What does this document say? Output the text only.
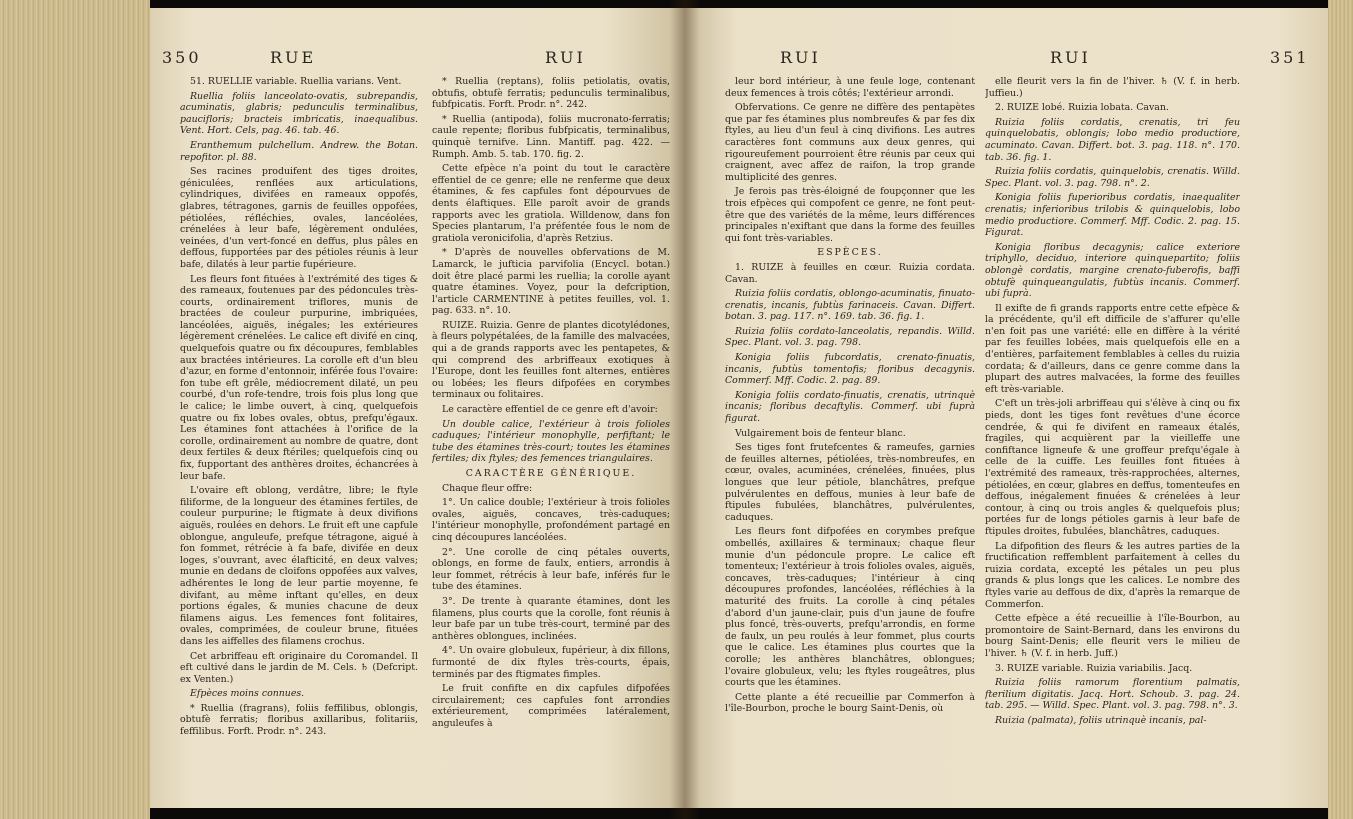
350	RUE	RUI

51. RUELLIE variable. Ruellia varians. Vent.

Ruellia foliis lanceolato-ovatis, subrepandis, acuminatis, glabris; pedunculis terminalibus, paucifloris; bracteis imbricatis, inaequalibus. Vent. Hort. Cels, pag. 46. tab. 46.

Eranthemum pulchellum. Andrew. the Botan. repofitor. pl. 88.

Ses racines produifent des tiges droites, géniculées, renflées aux articulations, cylindriques, divifées en rameaux oppofés, glabres, tétragones, garnis de feuilles oppofées, pétiolées, réfléchies, ovales, lancéolées, crénelées à leur bafe, légèrement ondulées, veinées, d'un vert-foncé en deffus, plus pâles en deffous, fupportées par des pétioles réunis à leur bafe, dilatés à leur partie fupérieure.

Les fleurs font fituées à l'extrémité des tiges & des rameaux, foutenues par des pédoncules très-courts, ordinairement triflores, munis de bractées de couleur purpurine, imbriquées, lancéolées, aiguës, inégales; les extérieures légèrement crénelées. Le calice eft divifé en cinq, quelquefois quatre ou fix découpures, femblables aux bractées intérieures. La corolle eft d'un bleu d'azur, en forme d'entonnoir, inférée fous l'ovaire: fon tube eft grêle, médiocrement dilaté, un peu courbé, d'un rofe-tendre, trois fois plus long que le calice; le limbe ouvert, à cinq, quelquefois quatre ou fix lobes ovales, obtus, prefqu'égaux. Les étamines font attachées à l'orifice de la corolle, ordinairement au nombre de quatre, dont deux fertiles & deux ftériles; quelquefois cinq ou fix, fupportant des anthères droites, échancrées à leur bafe.

L'ovaire eft oblong, verdâtre, libre; le ftyle filiforme, de la longueur des étamines fertiles, de couleur purpurine; le ftigmate à deux divifions aiguës, roulées en dehors. Le fruit eft une capfule oblongue, anguleufe, prefque tétragone, aigué à fon fommet, rétrécie à fa bafe, divifée en deux loges, s'ouvrant, avec élafticité, en deux valves; munie en dedans de cloifons oppofées aux valves, adhérentes le long de leur partie moyenne, fe divifant, au même inftant qu'elles, en deux portions égales, & munies chacune de deux filamens aigus. Les femences font folitaires, ovales, comprimées, de couleur brune, fituées dans les aiffelles des filamens crochus.

Cet arbriffeau eft originaire du Coromandel. Il eft cultivé dans le jardin de M. Cels. ♄ (Defcript. ex Venten.)

Efpèces moins connues.

* Ruellia (fragrans), foliis feffilibus, oblongis, obtufè ferratis; floribus axillaribus, folitariis, feffilibus. Forft. Prodr. n°. 243.

* Ruellia (reptans), foliis petiolatis, ovatis, obtufis, obtufè ferratis; pedunculis terminalibus, fubfpicatis. Forft. Prodr. n°. 242.

* Ruellia (antipoda), foliis mucronato-ferratis; caule repente; floribus fubfpicatis, terminalibus, quinquè ternifve. Linn. Mantiff. pag. 422. — Rumph. Amb. 5. tab. 170. fig. 2.

Cette efpèce n'a point du tout le caractère effentiel de ce genre; elle ne renferme que deux étamines, & fes capfules font dépourvues de dents élaftiques. Elle paroît avoir de grands rapports avec les gratiola. Willdenow, dans fon Species plantarum, l'a préfentée fous le nom de gratiola veronicifolia, d'après Retzius.

* D'après de nouvelles obfervations de M. Lamarck, le jufticia parvifolia (Encycl. botan.) doit être placé parmi les ruellia; la corolle ayant quatre étamines. Voyez, pour la defcription, l'article CARMENTINE à petites feuilles, vol. 1. pag. 633. n°. 10.

RUIZE. Ruizia. Genre de plantes dicotylédones, à fleurs polypétalées, de la famille des malvacées, qui a de grands rapports avec les pentapetes, & qui comprend des arbriffeaux exotiques à l'Europe, dont les feuilles font alternes, entières ou lobées; les fleurs difpofées en corymbes terminaux ou folitaires.

Le caractère effentiel de ce genre eft d'avoir:

Un double calice, l'extérieur à trois folioles caduques; l'intérieur monophylle, perfiftant; le tube des étamines très-court; toutes les étamines fertiles; dix ftyles; des femences triangulaires.

CARACTÈRE GÉNÉRIQUE.

Chaque fleur offre:

1°. Un calice double; l'extérieur à trois folioles ovales, aiguës, concaves, très-caduques; l'intérieur monophylle, profondément partagé en cinq découpures lancéolées.

2°. Une corolle de cinq pétales ouverts, oblongs, en forme de faulx, entiers, arrondis à leur fommet, rétrécis à leur bafe, inférés fur le tube des étamines.

3°. De trente à quarante étamines, dont les filamens, plus courts que la corolle, font réunis à leur bafe par un tube très-court, terminé par des anthères oblongues, inclinées.

4°. Un ovaire globuleux, fupérieur, à dix fillons, furmonté de dix ftyles très-courts, épais, terminés par des ftigmates fimples.

Le fruit confifte en dix capfules difpofées circulairement; ces capfules font arrondies extérieurement, comprimées latéralement, anguleufes à

RUI	RUI	351

leur bord intérieur, à une feule loge, contenant deux femences à trois côtés; l'extérieur arrondi.

Obfervations. Ce genre ne diffère des pentapètes que par fes étamines plus nombreufes & par fes dix ftyles, au lieu d'un feul à cinq divifions. Les autres caractères font communs aux deux genres, qui rigoureufement pourroient être réunis par ceux qui craignent, avec affez de raifon, la trop grande multiplicité des genres.

Je ferois pas très-éloigné de foupçonner que les trois efpèces qui compofent ce genre, ne font peut-être que des variétés de la même, leurs différences principales n'exiftant que dans la forme des feuilles qui font très-variables.

ESPÈCES.

1. RUIZE à feuilles en cœur. Ruizia cordata. Cavan.

Ruizia foliis cordatis, oblongo-acuminatis, finuato-crenatis, incanis, fubtùs farinaceis. Cavan. Differt. botan. 3. pag. 117. n°. 169. tab. 36. fig. 1.

Ruizia foliis cordato-lanceolatis, repandis. Willd. Spec. Plant. vol. 3. pag. 798.

Konigia foliis fubcordatis, crenato-finuatis, incanis, fubtùs tomentofis; floribus decagynis. Commerf. Mff. Codic. 2. pag. 89.

Konigia foliis cordato-finuatis, crenatis, utrinquè incanis; floribus decaftylis. Commerf. ubi fuprà figurat.

Vulgairement bois de fenteur blanc.

Ses tiges font frutefcentes & rameufes, garnies de feuilles alternes, pétiolées, très-nombreufes, en cœur, ovales, acuminées, crénelées, finuées, plus longues que leur pétiole, blanchâtres, prefque pulvérulentes en deffous, munies à leur bafe de ftipules fubulées, blanchâtres, pulvérulentes, caduques.

Les fleurs font difpofées en corymbes prefque ombellés, axillaires & terminaux; chaque fleur munie d'un pédoncule propre. Le calice eft tomenteux; l'extérieur à trois folioles ovales, aiguës, concaves, très-caduques; l'intérieur à cinq découpures profondes, lancéolées, réfléchies à la maturité des fruits. La corolle à cinq pétales d'abord d'un jaune-clair, puis d'un jaune de foufre plus foncé, très-ouverts, prefqu'arrondis, en forme de faulx, un peu roulés à leur fommet, plus courts que le calice. Les étamines plus courtes que la corolle; les anthères blanchâtres, oblongues; l'ovaire globuleux, velu; les ftyles rougeâtres, plus courts que les étamines.

Cette plante a été recueillie par Commerfon à l'île-Bourbon, proche le bourg Saint-Denis, où

elle fleurit vers la fin de l'hiver. ♄ (V. f. in herb. Juffieu.)

2. RUIZE lobé. Ruizia lobata. Cavan.

Ruizia foliis cordatis, crenatis, tri feu quinquelobatis, oblongis; lobo medio productiore, acuminato. Cavan. Differt. bot. 3. pag. 118. n°. 170. tab. 36. fig. 1.

Ruizia foliis cordatis, quinquelobis, crenatis. Willd. Spec. Plant. vol. 3. pag. 798. n°. 2.

Konigia foliis fuperioribus cordatis, inaequaliter crenatis; inferioribus trilobis & quinquelobis, lobo medio productiore. Commerf. Mff. Codic. 2. pag. 15. Figurat.

Konigia floribus decagynis; calice exteriore triphyllo, deciduo, interiore quinquepartito; foliis oblongè cordatis, margine crenato-fuberofis, baffi obtufè quinqueangulatis, fubtùs incanis. Commerf. ubi fuprà.

Il exifte de fi grands rapports entre cette efpèce & la précédente, qu'il eft difficile de s'affurer qu'elle n'en foit pas une variété: elle en diffère à la vérité par fes feuilles lobées, mais quelquefois elle en a d'entières, parfaitement femblables à celles du ruizia cordata; & d'ailleurs, dans ce genre comme dans la plupart des autres malvacées, la forme des feuilles eft très-variable.

C'eft un très-joli arbriffeau qui s'élève à cinq ou fix pieds, dont les tiges font revêtues d'une écorce cendrée, & qui fe divifent en rameaux étalés, fragiles, qui acquièrent par la vieilleffe une confiftance ligneufe & une groffeur prefqu'égale à celle de la cuiffe. Les feuilles font fituées à l'extrémité des rameaux, très-rapprochées, alternes, pétiolées, en cœur, glabres en deffus, tomenteufes en deffous, inégalement finuées & crénelées à leur contour, à cinq ou trois angles & quelquefois plus; portées fur de longs pétioles garnis à leur bafe de ftipules droites, fubulées, blanchâtres, caduques.

La difpofition des fleurs & les autres parties de la fructification reffemblent parfaitement à celles du ruizia cordata, excepté les pétales un peu plus grands & plus longs que les calices. Le nombre des ftyles varie au deffous de dix, d'après la remarque de Commerfon.

Cette efpèce a été recueillie à l'île-Bourbon, au promontoire de Saint-Bernard, dans les environs du bourg Saint-Denis; elle fleurit vers le milieu de l'hiver. ♄ (V. f. in herb. Juff.)

3. RUIZE variable. Ruizia variabilis. Jacq.

Ruizia foliis ramorum florentium palmatis, fterilium digitatis. Jacq. Hort. Schoub. 3. pag. 24. tab. 295. — Willd. Spec. Plant. vol. 3. pag. 798. n°. 3.

Ruizia (palmata), foliis utrinquè incanis, pal-
